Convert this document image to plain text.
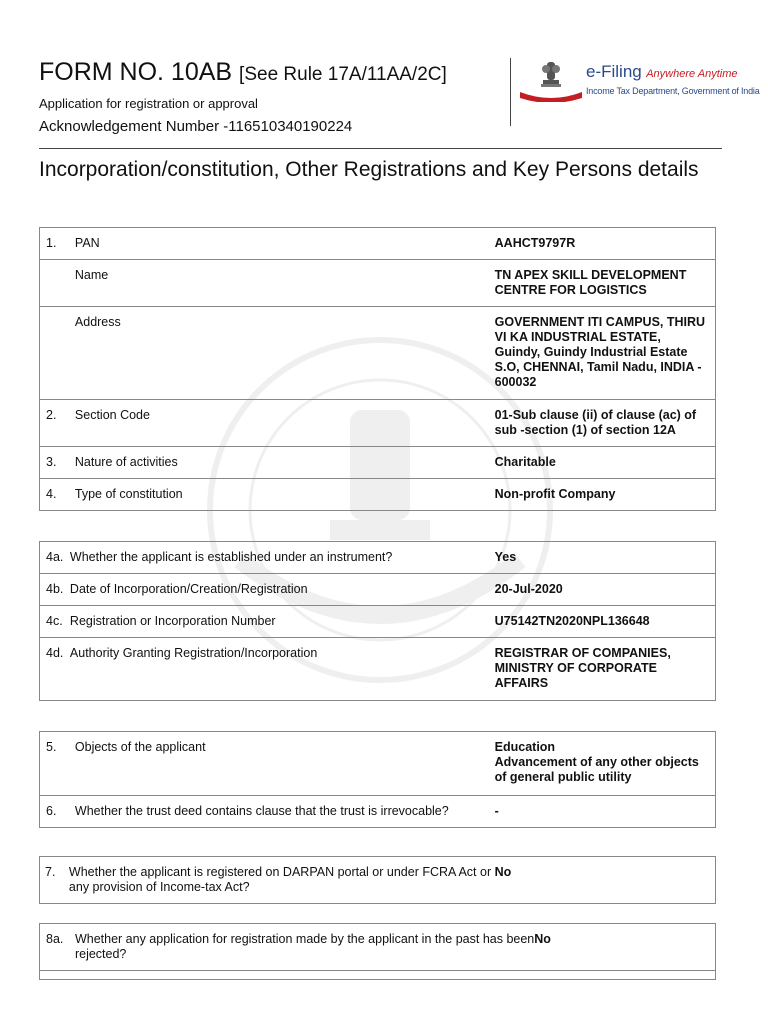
FORM NO. 10AB [See Rule 17A/11AA/2C]
Application for registration or approval
Acknowledgement Number -116510340190224
e-Filing Anywhere Anytime
Income Tax Department, Government of India
Incorporation/constitution, Other Registrations and Key Persons details
1.	PAN	AAHCT9797R
Name	TN APEX SKILL DEVELOPMENT CENTRE FOR LOGISTICS
Address	GOVERNMENT ITI CAMPUS, THIRU VI KA INDUSTRIAL ESTATE, Guindy, Guindy Industrial Estate S.O, CHENNAI, Tamil Nadu, INDIA - 600032
2.	Section Code	01-Sub clause (ii) of clause (ac) of sub -section (1) of section 12A
3.	Nature of activities	Charitable
4.	Type of constitution	Non-profit Company
4a. Whether the applicant is established under an instrument?	Yes
4b. Date of Incorporation/Creation/Registration	20-Jul-2020
4c. Registration or Incorporation Number	U75142TN2020NPL136648
4d. Authority Granting Registration/Incorporation	REGISTRAR OF COMPANIES, MINISTRY OF CORPORATE AFFAIRS
5.	Objects of the applicant	Education
Advancement of any other objects of general public utility
6.	Whether the trust deed contains clause that the trust is irrevocable?	-
7.	Whether the applicant is registered on DARPAN portal or under FCRA Act or any provision of Income-tax Act?
No
8a. Whether any application for registration made by the applicant in the past has been rejected?
No
